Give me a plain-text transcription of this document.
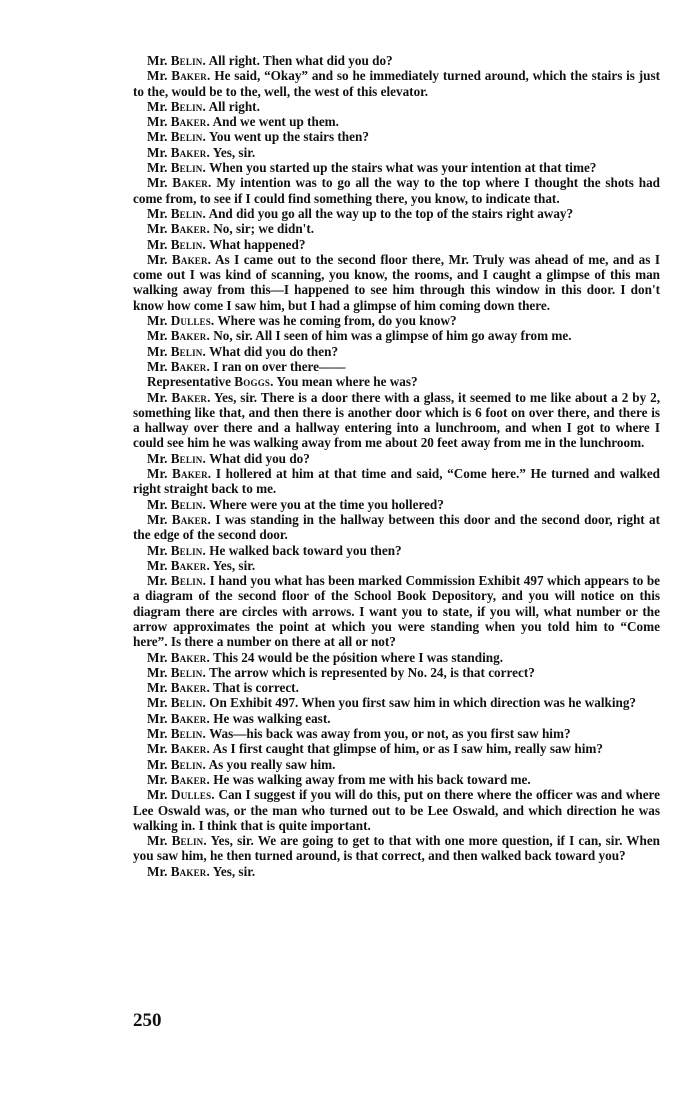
Mr. Belin. All right. Then what did you do?

Mr. Baker. He said, “Okay” and so he immediately turned around, which the stairs is just to the, would be to the, well, the west of this elevator.

Mr. Belin. All right.

Mr. Baker. And we went up them.

Mr. Belin. You went up the stairs then?

Mr. Baker. Yes, sir.

Mr. Belin. When you started up the stairs what was your intention at that time?

Mr. Baker. My intention was to go all the way to the top where I thought the shots had come from, to see if I could find something there, you know, to indicate that.

Mr. Belin. And did you go all the way up to the top of the stairs right away?

Mr. Baker. No, sir; we didn't.

Mr. Belin. What happened?

Mr. Baker. As I came out to the second floor there, Mr. Truly was ahead of me, and as I come out I was kind of scanning, you know, the rooms, and I caught a glimpse of this man walking away from this—I happened to see him through this window in this door. I don't know how come I saw him, but I had a glimpse of him coming down there.

Mr. Dulles. Where was he coming from, do you know?

Mr. Baker. No, sir. All I seen of him was a glimpse of him go away from me.

Mr. Belin. What did you do then?

Mr. Baker. I ran on over there——

Representative Boggs. You mean where he was?

Mr. Baker. Yes, sir. There is a door there with a glass, it seemed to me like about a 2 by 2, something like that, and then there is another door which is 6 foot on over there, and there is a hallway over there and a hallway entering into a lunchroom, and when I got to where I could see him he was walking away from me about 20 feet away from me in the lunchroom.

Mr. Belin. What did you do?

Mr. Baker. I hollered at him at that time and said, “Come here.” He turned and walked right straight back to me.

Mr. Belin. Where were you at the time you hollered?

Mr. Baker. I was standing in the hallway between this door and the second door, right at the edge of the second door.

Mr. Belin. He walked back toward you then?

Mr. Baker. Yes, sir.

Mr. Belin. I hand you what has been marked Commission Exhibit 497 which appears to be a diagram of the second floor of the School Book Depository, and you will notice on this diagram there are circles with arrows. I want you to state, if you will, what number or the arrow approximates the point at which you were standing when you told him to “Come here”. Is there a number on there at all or not?

Mr. Baker. This 24 would be the pósition where I was standing.

Mr. Belin. The arrow which is represented by No. 24, is that correct?

Mr. Baker. That is correct.

Mr. Belin. On Exhibit 497. When you first saw him in which direction was he walking?

Mr. Baker. He was walking east.

Mr. Belin. Was—his back was away from you, or not, as you first saw him?

Mr. Baker. As I first caught that glimpse of him, or as I saw him, really saw him?

Mr. Belin. As you really saw him.

Mr. Baker. He was walking away from me with his back toward me.

Mr. Dulles. Can I suggest if you will do this, put on there where the officer was and where Lee Oswald was, or the man who turned out to be Lee Oswald, and which direction he was walking in. I think that is quite important.

Mr. Belin. Yes, sir. We are going to get to that with one more question, if I can, sir. When you saw him, he then turned around, is that correct, and then walked back toward you?

Mr. Baker. Yes, sir.

250
